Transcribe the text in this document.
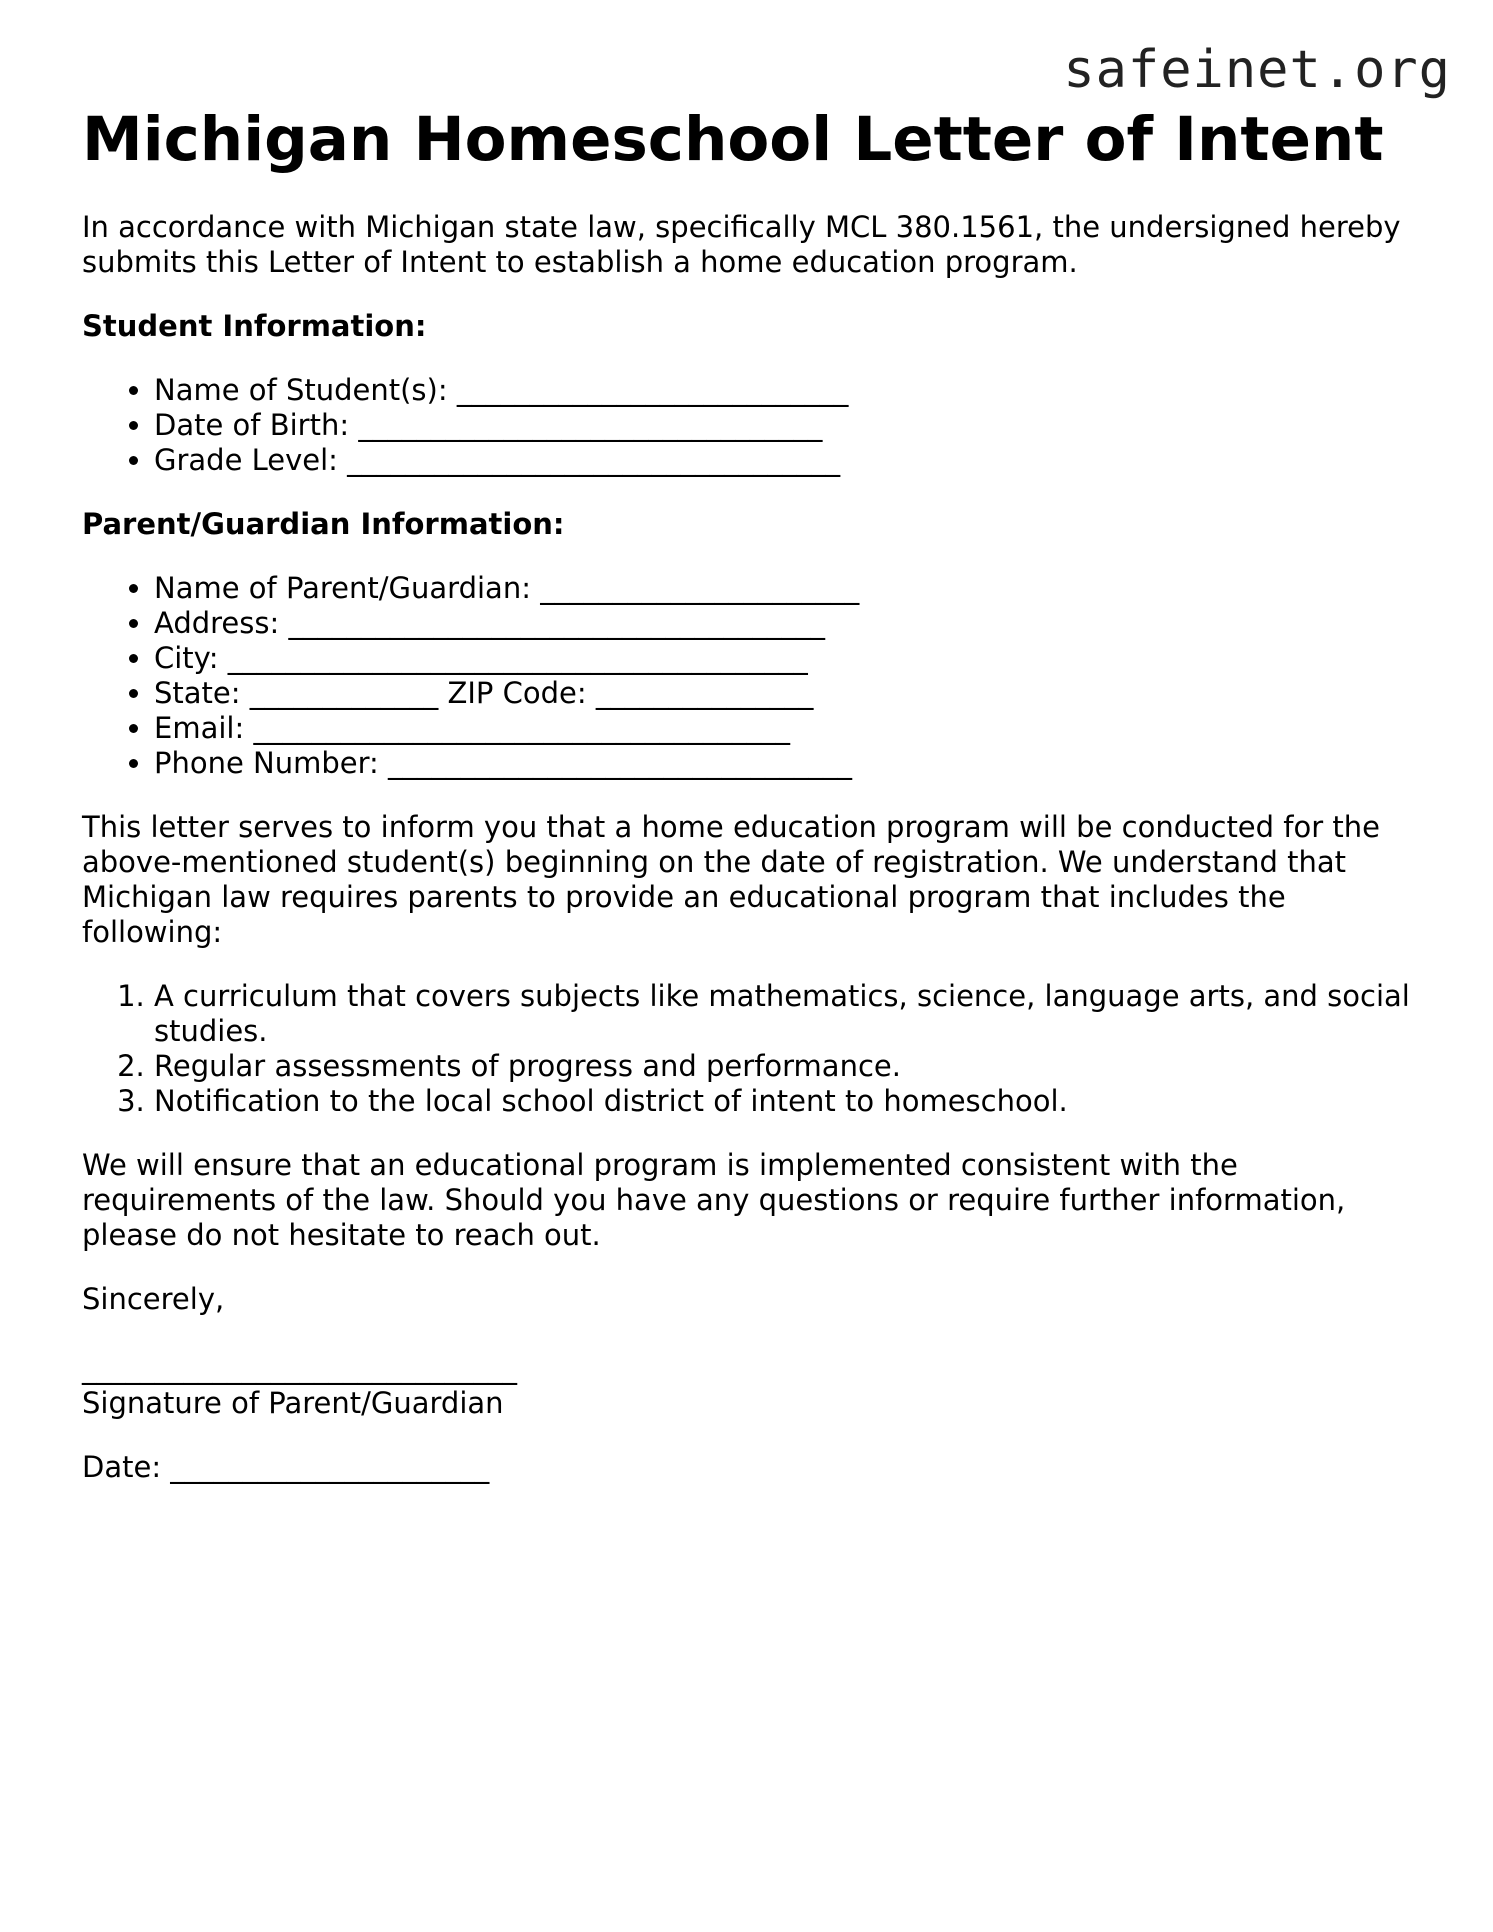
safeinet.org
Michigan Homeschool Letter of Intent

In accordance with Michigan state law, specifically MCL 380.1561, the undersigned hereby submits this Letter of Intent to establish a home education program.

Student Information:
• Name of Student(s): ___________________________
• Date of Birth: ________________________________
• Grade Level: __________________________________
Parent/Guardian Information:
• Name of Parent/Guardian: ______________________
• Address: _____________________________________
• City: ________________________________________
• State: _____________ ZIP Code: _______________
• Email: _____________________________________
• Phone Number: ________________________________

This letter serves to inform you that a home education program will be conducted for the above-mentioned student(s) beginning on the date of registration. We understand that Michigan law requires parents to provide an educational program that includes the following:

1. A curriculum that covers subjects like mathematics, science, language arts, and social studies.
2. Regular assessments of progress and performance.
3. Notification to the local school district of intent to homeschool.

We will ensure that an educational program is implemented consistent with the requirements of the law. Should you have any questions or require further information, please do not hesitate to reach out.

Sincerely,

______________________________

Signature of Parent/Guardian

Date: ______________________
